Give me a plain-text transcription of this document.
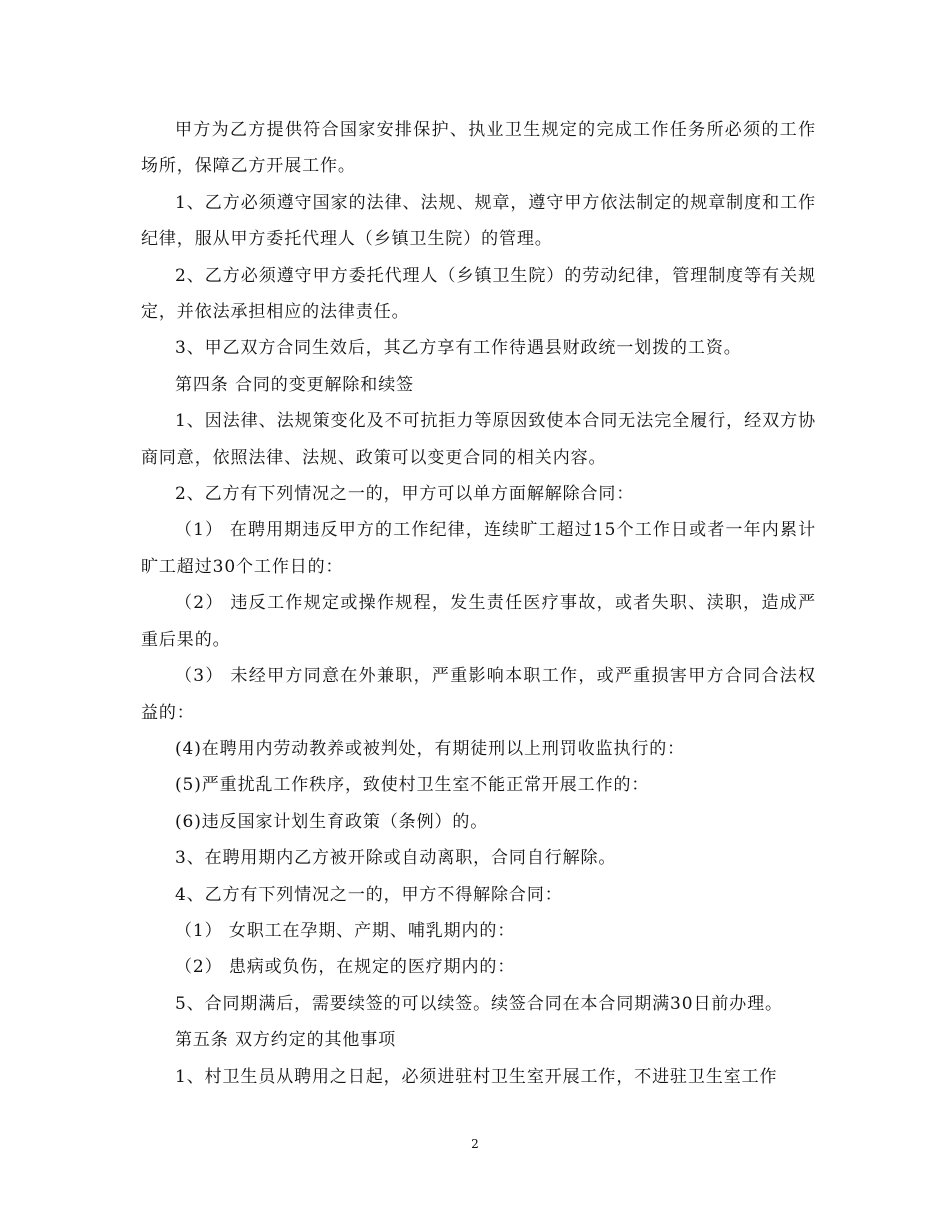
甲方为乙方提供符合国家安排保护、执业卫生规定的完成工作任务所必须的工作场所，保障乙方开展工作。

1、乙方必须遵守国家的法律、法规、规章，遵守甲方依法制定的规章制度和工作纪律，服从甲方委托代理人（乡镇卫生院）的管理。

2、乙方必须遵守甲方委托代理人（乡镇卫生院）的劳动纪律，管理制度等有关规定，并依法承担相应的法律责任。

3、甲乙双方合同生效后，其乙方享有工作待遇县财政统一划拨的工资。

第四条 合同的变更解除和续签

1、因法律、法规策变化及不可抗拒力等原因致使本合同无法完全履行，经双方协商同意，依照法律、法规、政策可以变更合同的相关内容。

2、乙方有下列情况之一的，甲方可以单方面解解除合同：

（1） 在聘用期违反甲方的工作纪律，连续旷工超过15个工作日或者一年内累计旷工超过30个工作日的：

（2） 违反工作规定或操作规程，发生责任医疗事故，或者失职、渎职，造成严重后果的。

（3） 未经甲方同意在外兼职，严重影响本职工作，或严重损害甲方合同合法权益的：

(4)在聘用内劳动教养或被判处，有期徒刑以上刑罚收监执行的：

(5)严重扰乱工作秩序，致使村卫生室不能正常开展工作的：

(6)违反国家计划生育政策（条例）的。

3、在聘用期内乙方被开除或自动离职，合同自行解除。

4、乙方有下列情况之一的，甲方不得解除合同：

（1） 女职工在孕期、产期、哺乳期内的：

（2） 患病或负伤，在规定的医疗期内的：

5、合同期满后，需要续签的可以续签。续签合同在本合同期满30日前办理。

第五条 双方约定的其他事项

1、村卫生员从聘用之日起，必须进驻村卫生室开展工作，不进驻卫生室工作

2
